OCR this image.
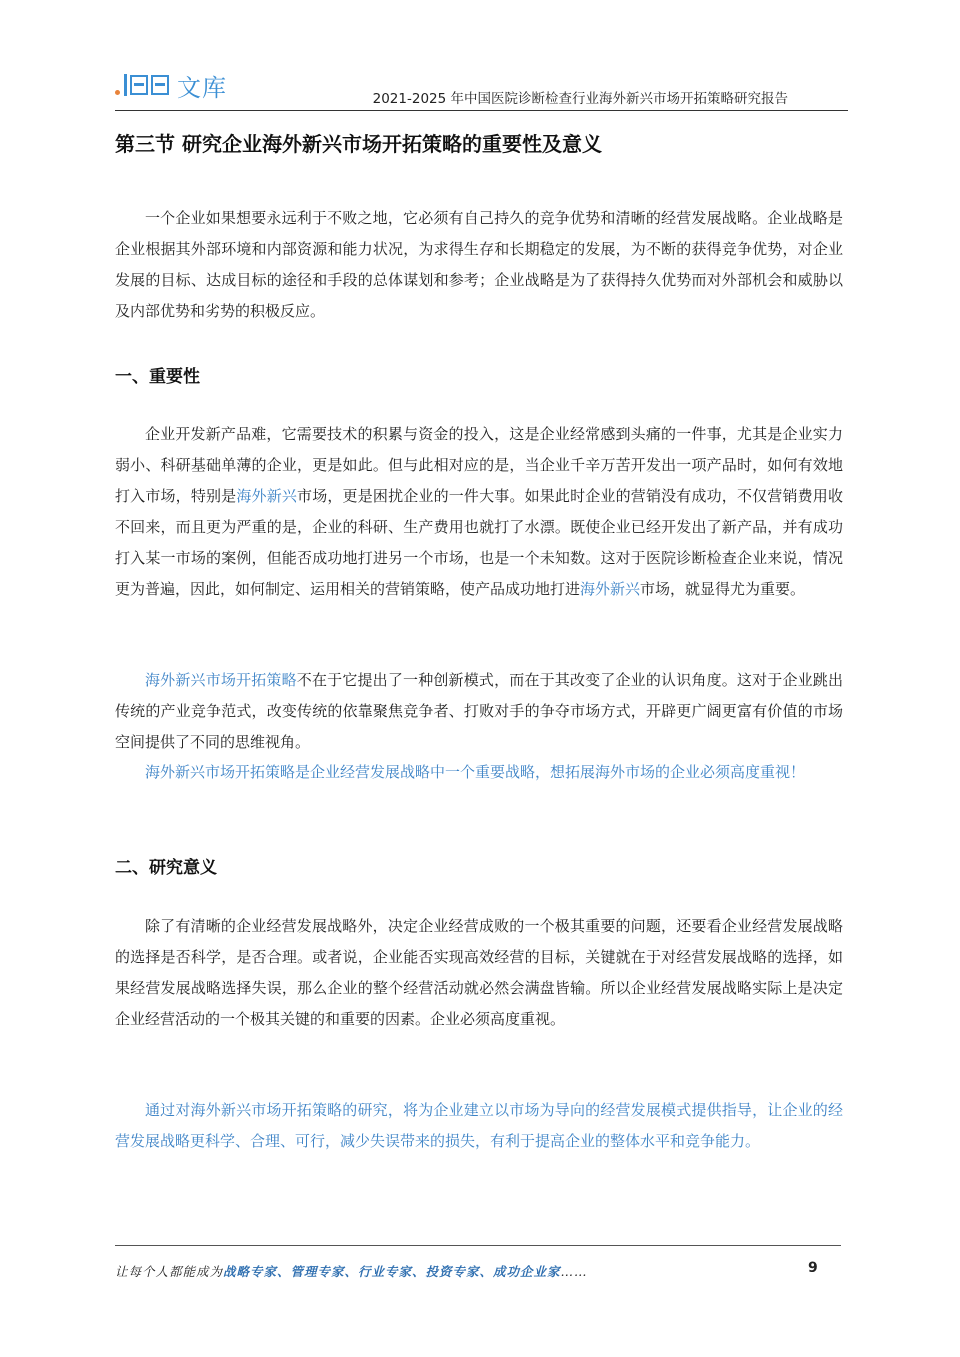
文库	2021-2025 年中国医院诊断检查行业海外新兴市场开拓策略研究报告
第三节 研究企业海外新兴市场开拓策略的重要性及意义

一个企业如果想要永远利于不败之地，它必须有自己持久的竞争优势和清晰的经营发展战略。企业战略是企业根据其外部环境和内部资源和能力状况，为求得生存和长期稳定的发展，为不断的获得竞争优势，对企业发展的目标、达成目标的途径和手段的总体谋划和参考；企业战略是为了获得持久优势而对外部机会和威胁以及内部优势和劣势的积极反应。

一、重要性

企业开发新产品难，它需要技术的积累与资金的投入，这是企业经常感到头痛的一件事，尤其是企业实力弱小、科研基础单薄的企业，更是如此。但与此相对应的是，当企业千辛万苦开发出一项产品时，如何有效地打入市场，特别是海外新兴市场，更是困扰企业的一件大事。如果此时企业的营销没有成功，不仅营销费用收不回来，而且更为严重的是，企业的科研、生产费用也就打了水漂。既使企业已经开发出了新产品，并有成功打入某一市场的案例，但能否成功地打进另一个市场，也是一个未知数。这对于医院诊断检查企业来说，情况更为普遍，因此，如何制定、运用相关的营销策略，使产品成功地打进海外新兴市场，就显得尤为重要。

海外新兴市场开拓策略不在于它提出了一种创新模式，而在于其改变了企业的认识角度。这对于企业跳出传统的产业竞争范式，改变传统的依靠聚焦竞争者、打败对手的争夺市场方式，开辟更广阔更富有价值的市场空间提供了不同的思维视角。

海外新兴市场开拓策略是企业经营发展战略中一个重要战略，想拓展海外市场的企业必须高度重视！

二、研究意义

除了有清晰的企业经营发展战略外，决定企业经营成败的一个极其重要的问题，还要看企业经营发展战略的选择是否科学，是否合理。或者说，企业能否实现高效经营的目标，关键就在于对经营发展战略的选择，如果经营发展战略选择失误，那么企业的整个经营活动就必然会满盘皆输。所以企业经营发展战略实际上是决定企业经营活动的一个极其关键的和重要的因素。企业必须高度重视。

通过对海外新兴市场开拓策略的研究，将为企业建立以市场为导向的经营发展模式提供指导，让企业的经营发展战略更科学、合理、可行，减少失误带来的损失，有利于提高企业的整体水平和竞争能力。

让每个人都能成为战略专家、管理专家、行业专家、投资专家、成功企业家……	9
